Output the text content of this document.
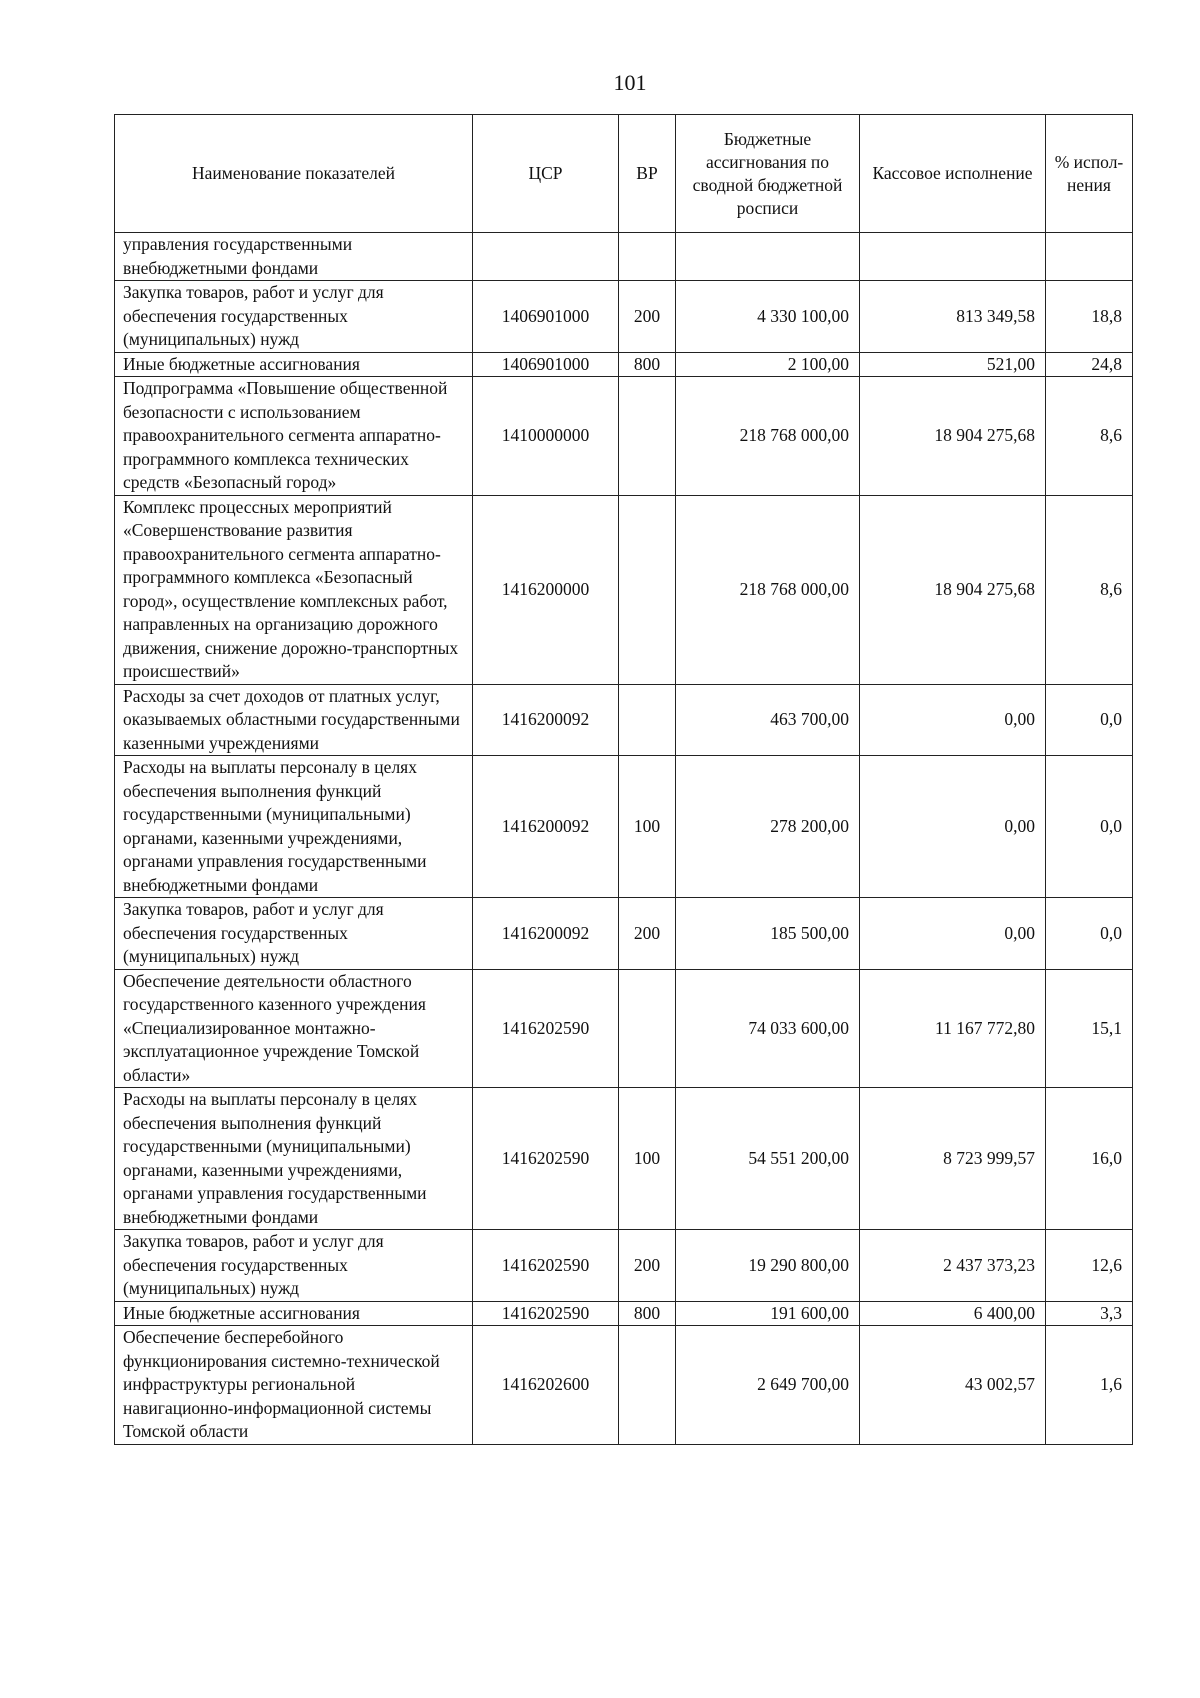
101
Наименование показателей	ЦСР	ВР	Бюджетные ассигнования по сводной бюджетной росписи	Кассовое исполнение	% испол-нения
управления государственными внебюджетными фондами					
Закупка товаров, работ и услуг для обеспечения государственных (муниципальных) нужд	1406901000	200	4 330 100,00	813 349,58	18,8
Иные бюджетные ассигнования	1406901000	800	2 100,00	521,00	24,8
Подпрограмма «Повышение общественной безопасности с использованием правоохранительного сегмента аппаратно-программного комплекса технических средств «Безопасный город»	1410000000		218 768 000,00	18 904 275,68	8,6
Комплекс процессных мероприятий «Совершенствование развития правоохранительного сегмента аппаратно-программного комплекса «Безопасный город», осуществление комплексных работ, направленных на организацию дорожного движения, снижение дорожно-транспортных происшествий»	1416200000		218 768 000,00	18 904 275,68	8,6
Расходы за счет доходов от платных услуг, оказываемых областными государственными казенными учреждениями	1416200092		463 700,00	0,00	0,0
Расходы на выплаты персоналу в целях обеспечения выполнения функций государственными (муниципальными) органами, казенными учреждениями, органами управления государственными внебюджетными фондами	1416200092	100	278 200,00	0,00	0,0
Закупка товаров, работ и услуг для обеспечения государственных (муниципальных) нужд	1416200092	200	185 500,00	0,00	0,0
Обеспечение деятельности областного государственного казенного учреждения «Специализированное монтажно-эксплуатационное учреждение Томской области»	1416202590		74 033 600,00	11 167 772,80	15,1
Расходы на выплаты персоналу в целях обеспечения выполнения функций государственными (муниципальными) органами, казенными учреждениями, органами управления государственными внебюджетными фондами	1416202590	100	54 551 200,00	8 723 999,57	16,0
Закупка товаров, работ и услуг для обеспечения государственных (муниципальных) нужд	1416202590	200	19 290 800,00	2 437 373,23	12,6
Иные бюджетные ассигнования	1416202590	800	191 600,00	6 400,00	3,3
Обеспечение бесперебойного функционирования системно-технической инфраструктуры региональной навигационно-информационной системы Томской области	1416202600		2 649 700,00	43 002,57	1,6
